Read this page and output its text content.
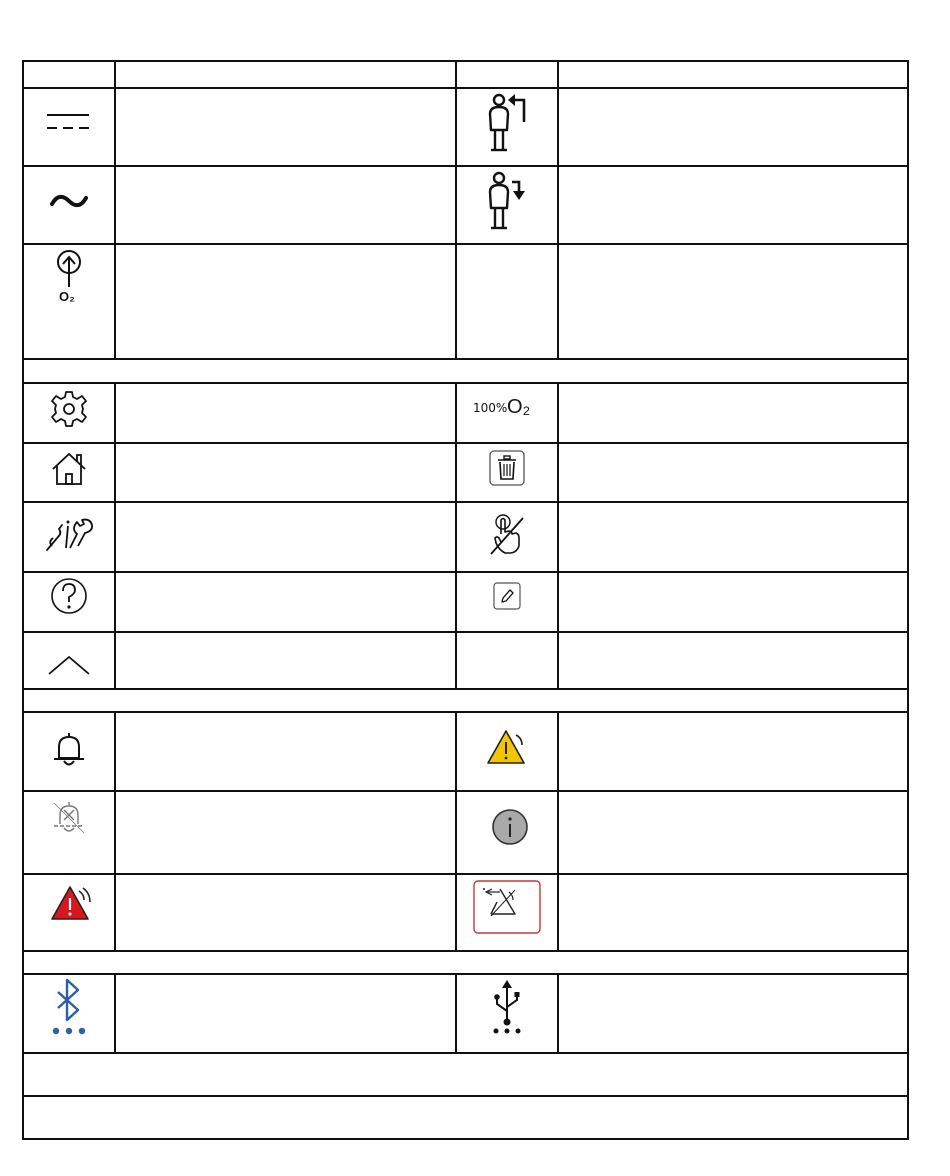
O₂
100% O₂
